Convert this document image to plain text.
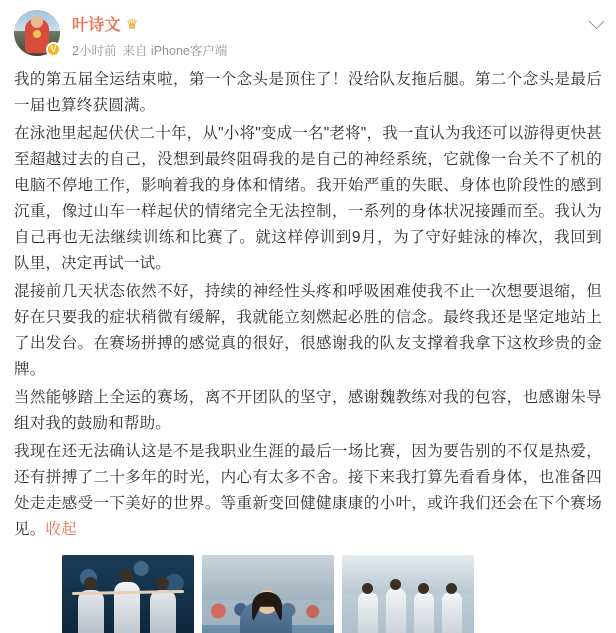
V
叶诗文 ♛
2小时前 来自 iPhone客户端

我的第五届全运结束啦，第一个念头是顶住了！没给队友拖后腿。第二个念头是最后一届也算终获圆满。

在泳池里起起伏伏二十年，从"小将"变成一名"老将"，我一直认为我还可以游得更快甚至超越过去的自己，没想到最终阻碍我的是自己的神经系统，它就像一台关不了机的电脑不停地工作，影响着我的身体和情绪。我开始严重的失眠、身体也阶段性的感到沉重，像过山车一样起伏的情绪完全无法控制，一系列的身体状况接踵而至。我认为自己再也无法继续训练和比赛了。就这样停训到9月，为了守好蛙泳的棒次，我回到队里，决定再试一试。

混接前几天状态依然不好，持续的神经性头疼和呼吸困难使我不止一次想要退缩，但好在只要我的症状稍微有缓解，我就能立刻燃起必胜的信念。最终我还是坚定地站上了出发台。在赛场拼搏的感觉真的很好，很感谢我的队友支撑着我拿下这枚珍贵的金牌。

当然能够踏上全运的赛场，离不开团队的坚守，感谢魏教练对我的包容，也感谢朱导组对我的鼓励和帮助。

我现在还无法确认这是不是我职业生涯的最后一场比赛，因为要告别的不仅是热爱，还有拼搏了二十多年的时光，内心有太多不舍。接下来我打算先看看身体，也准备四处走走感受一下美好的世界。等重新变回健健康康的小叶，或许我们还会在下个赛场见。收起
